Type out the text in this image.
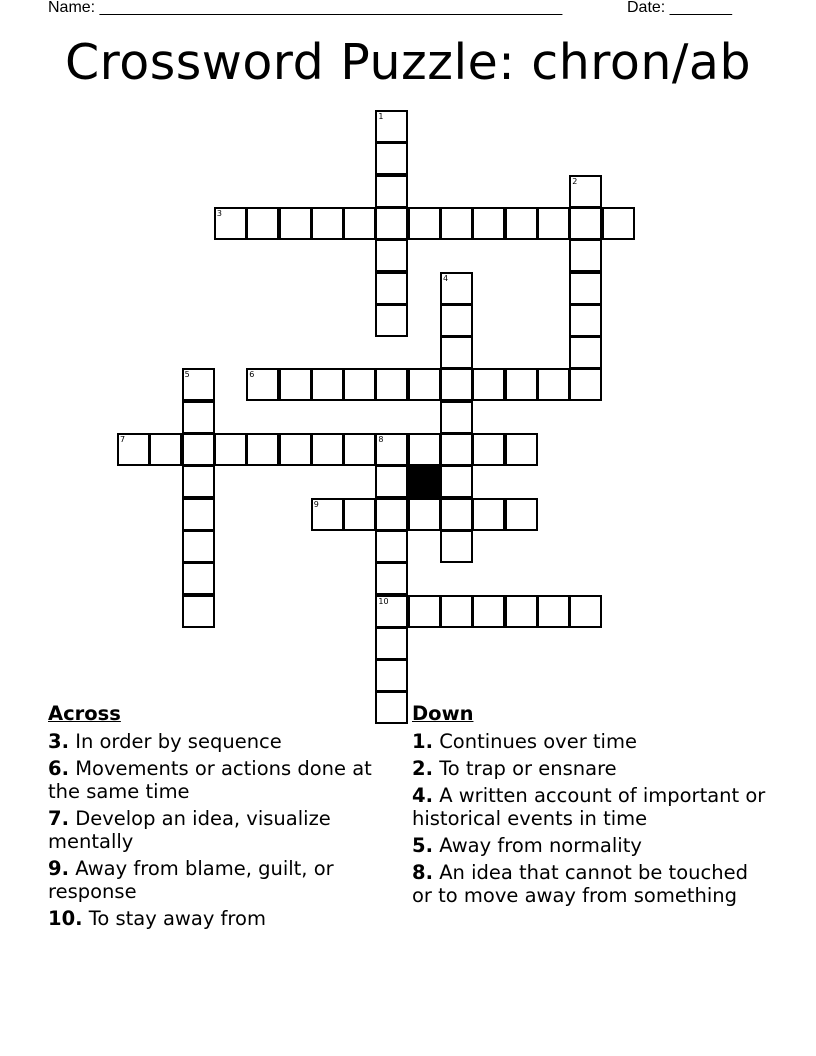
Name: ____________________________________________________	Date: _______
Crossword Puzzle: chron/ab
3
6
7	8
9
10
1
2
4
5
Across
3. In order by sequence
6. Movements or actions done at the same time
7. Develop an idea, visualize mentally
9. Away from blame, guilt, or response
10. To stay away from
Down
1. Continues over time
2. To trap or ensnare
4. A written account of important or historical events in time
5. Away from normality
8. An idea that cannot be touched or to move away from something
